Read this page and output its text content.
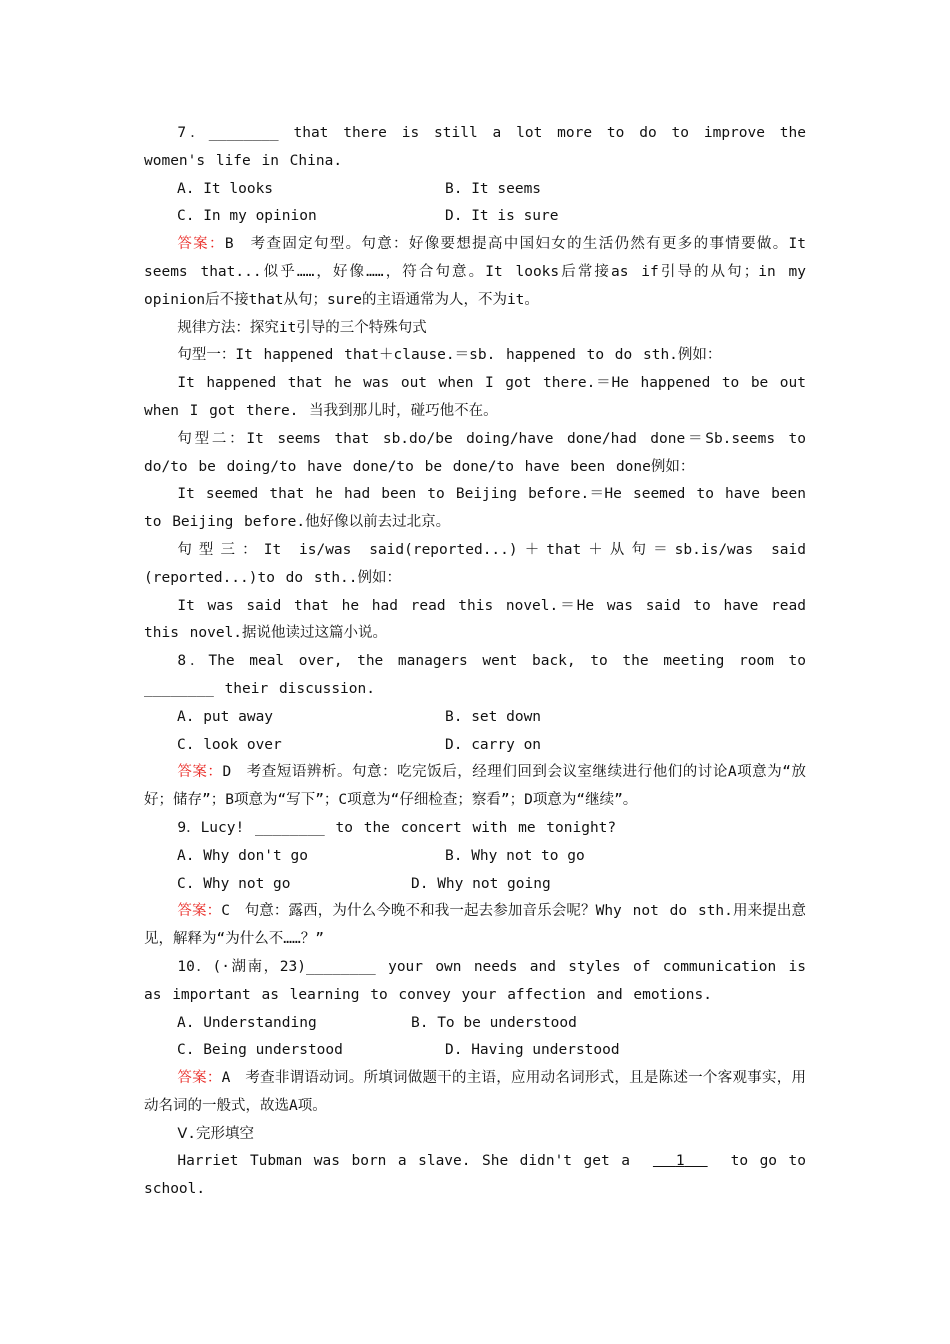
7．________ that there is still a lot more to do to improve the women's life in China.

A. It looks	B. It seems
C. In my opinion	D. It is sure

答案：B　考查固定句型。句意：好像要想提高中国妇女的生活仍然有更多的事情要做。It seems that...似乎……，好像……，符合句意。It looks后常接as if引导的从句；in my opinion后不接that从句；sure的主语通常为人，不为it。

规律方法：探究it引导的三个特殊句式

句型一：It happened that＋clause.＝sb. happened to do sth.例如：

It happened that he was out when I got there.＝He happened to be out when I got there. 当我到那儿时，碰巧他不在。

句型二：It seems that sb.do/be doing/have done/had done＝Sb.seems to do/to be doing/to have done/to be done/to have been done例如：

It seemed that he had been to Beijing before.＝He seemed to have been to Beijing before.他好像以前去过北京。

句型三：It is/was said(reported...)＋that＋从句＝sb.is/was said (reported...)to do sth..例如：

It was said that he had read this novel.＝He was said to have read this novel.据说他读过这篇小说。

8．The meal over, the managers went back, to the meeting room to ________ their discussion.

A. put away	B. set down
C. look over	D. carry on

答案：D　考查短语辨析。句意：吃完饭后，经理们回到会议室继续进行他们的讨论A项意为“放好；储存”；B项意为“写下”；C项意为“仔细检查；察看”；D项意为“继续”。

9．Lucy! ________ to the concert with me tonight?

A. Why don't go	B. Why not to go
C. Why not go	D. Why not going

答案：C　句意：露西，为什么今晚不和我一起去参加音乐会呢？Why not do sth.用来提出意见，解释为“为什么不……？”

10．(·湖南，23)________ your own needs and styles of communication is as important as learning to convey your affection and emotions.

A. Understanding	B. To be understood
C. Being understood	D. Having understood

答案：A　考查非谓语动词。所填词做题干的主语，应用动名词形式，且是陈述一个客观事实，用动名词的一般式，故选A项。

Ⅴ.完形填空

Harriet Tubman was born a slave. She didn't get a	1	to go to school.
